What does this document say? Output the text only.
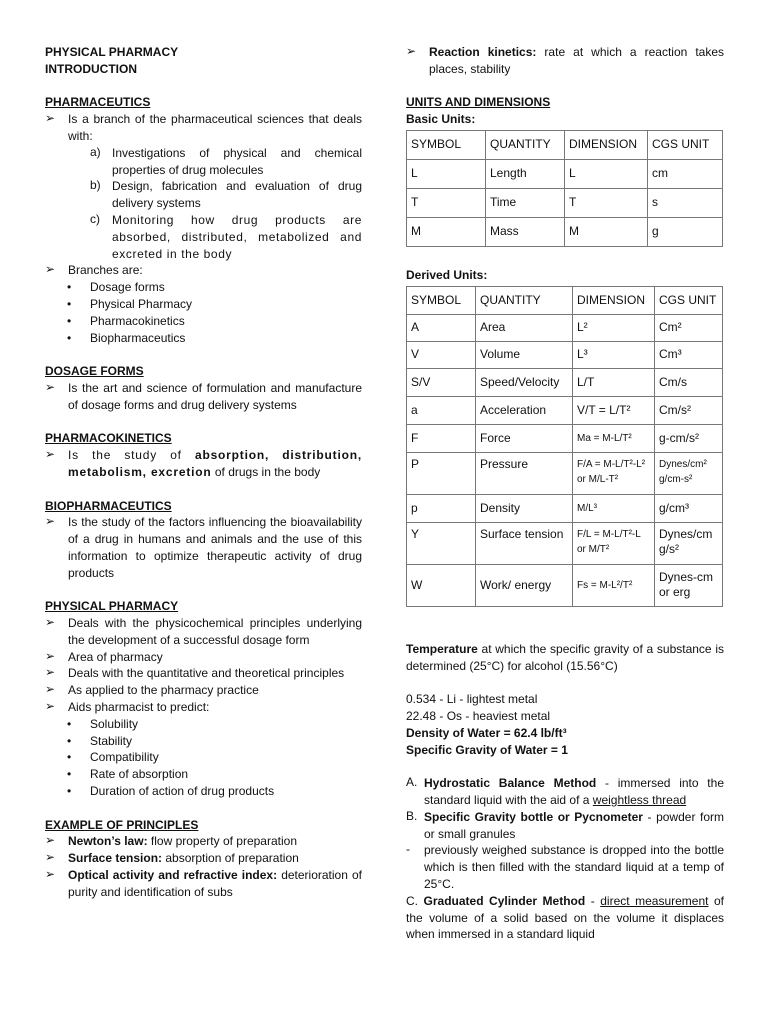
PHYSICAL PHARMACY
INTRODUCTION
PHARMACEUTICS
➢	Is a branch of the pharmaceutical sciences that deals with:
a) Investigations of physical and chemical properties of drug molecules
b) Design, fabrication and evaluation of drug delivery systems
c)	Monitoring how drug products are absorbed, distributed, metabolized and excreted in the body
➢	Branches are:
•	Dosage forms
•	Physical Pharmacy
•	Pharmacokinetics
•	Biopharmaceutics
DOSAGE FORMS
➢	Is the art and science of formulation and manufacture of dosage forms and drug delivery systems
PHARMACOKINETICS
➢	Is the study of absorption, distribution, metabolism, excretion of drugs in the body
BIOPHARMACEUTICS
➢	Is the study of the factors influencing the bioavailability of a drug in humans and animals and the use of this information to optimize therapeutic activity of drug products
PHYSICAL PHARMACY
➢	Deals with the physicochemical principles underlying the development of a successful dosage form
➢	Area of pharmacy
➢	Deals with the quantitative and theoretical principles
➢	As applied to the pharmacy practice
➢	Aids pharmacist to predict:
•	Solubility
•	Stability
•	Compatibility
•	Rate of absorption
•	Duration of action of drug products
EXAMPLE OF PRINCIPLES
➢	Newton’s law: flow property of preparation
➢	Surface tension: absorption of preparation
➢	Optical activity and refractive index: deterioration of purity and identification of subs
➢	Reaction kinetics: rate at which a reaction takes places, stability
UNITS AND DIMENSIONS
Basic Units:
SYMBOL	QUANTITY	DIMENSION	CGS UNIT
L	Length	L	cm
T	Time	T	s
M	Mass	M	g
Derived Units:
SYMBOL	QUANTITY	DIMENSION	CGS UNIT
A	Area	L²	Cm²
V	Volume	L³	Cm³
S/V	Speed/Velocity	L/T	Cm/s
a	Acceleration	V/T = L/T²	Cm/s²
F	Force	Ma = M-L/T²	g-cm/s²
P	Pressure	F/A = M-L/T²-L² or M/L-T²	Dynes/cm² g/cm-s²
p	Density	M/L³	g/cm³
Y	Surface tension	F/L = M-L/T²-L or M/T²	Dynes/cm g/s²
W	Work/ energy	Fs = M-L²/T²	Dynes-cm or erg
Temperature at which the specific gravity of a substance is determined (25°C) for alcohol (15.56°C)
0.534 - Li - lightest metal
22.48 - Os - heaviest metal
Density of Water = 62.4 lb/ft³
Specific Gravity of Water = 1
A. Hydrostatic Balance Method - immersed into the standard liquid with the aid of a weightless thread
B. Specific Gravity bottle or Pycnometer - powder form or small granules
-	previously weighed substance is dropped into the bottle which is then filled with the standard liquid at a temp of 25°C.
C. Graduated Cylinder Method - direct measurement of the volume of a solid based on the volume it displaces when immersed in a standard liquid
